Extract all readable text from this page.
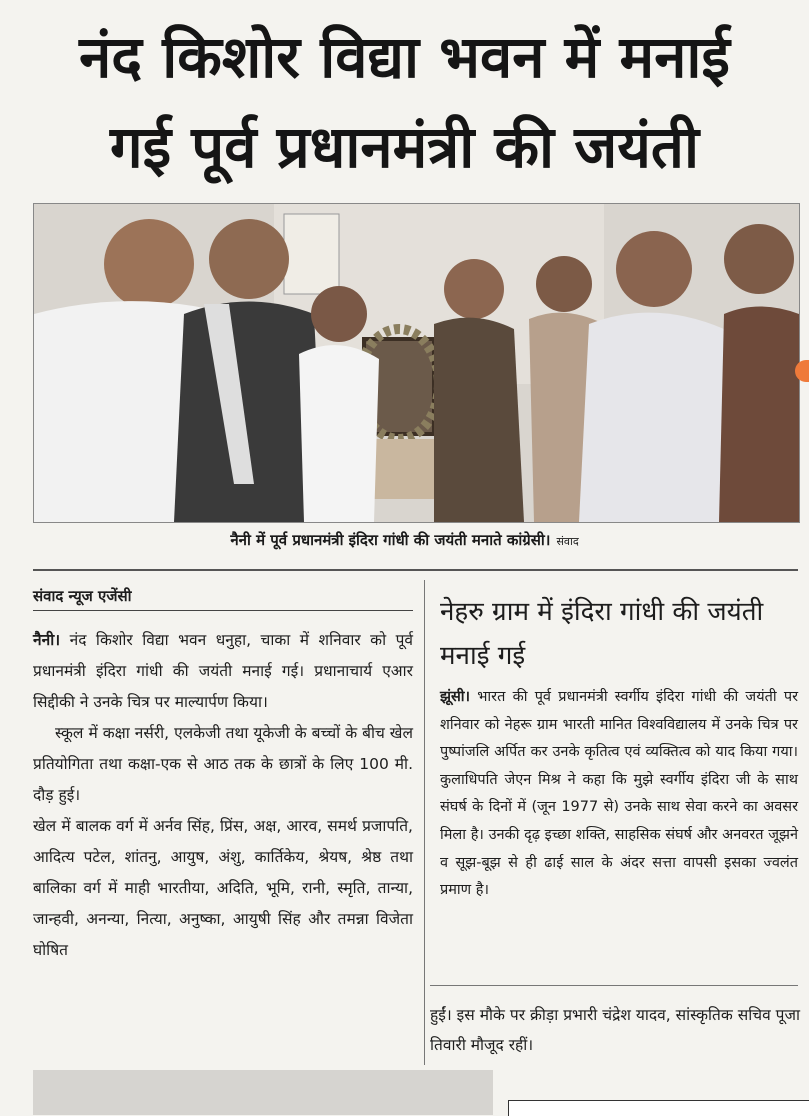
नंद किशोर विद्या भवन में मनाई
गई पूर्व प्रधानमंत्री की जयंती
नैनी में पूर्व प्रधानमंत्री इंदिरा गांधी की जयंती मनाते कांग्रेसी। संवाद
संवाद न्यूज एजेंसी

नैनी। नंद किशोर विद्या भवन धनुहा, चाका में शनिवार को पूर्व प्रधानमंत्री इंदिरा गांधी की जयंती मनाई गई। प्रधानाचार्य एआर सिद्दीकी ने उनके चित्र पर माल्यार्पण किया।

स्कूल में कक्षा नर्सरी, एलकेजी तथा यूकेजी के बच्चों के बीच खेल प्रतियोगिता तथा कक्षा-एक से आठ तक के छात्रों के लिए 100 मी. दौड़ हुई।

खेल में बालक वर्ग में अर्नव सिंह, प्रिंस, अक्ष, आरव, समर्थ प्रजापति, आदित्य पटेल, शांतनु, आयुष, अंशु, कार्तिकेय, श्रेयष, श्रेष्ठ तथा बालिका वर्ग में माही भारतीया, अदिति, भूमि, रानी, स्मृति, तान्या, जान्हवी, अनन्या, नित्या, अनुष्का, आयुषी सिंह और तमन्ना विजेता घोषित

नेहरु ग्राम में इंदिरा गांधी की जयंती मनाई गई

झूंसी। भारत की पूर्व प्रधानमंत्री स्वर्गीय इंदिरा गांधी की जयंती पर शनिवार को नेहरू ग्राम भारती मानित विश्वविद्यालय में उनके चित्र पर पुष्पांजलि अर्पित कर उनके कृतित्व एवं व्यक्तित्व को याद किया गया। कुलाधिपति जेएन मिश्र ने कहा कि मुझे स्वर्गीय इंदिरा जी के साथ संघर्ष के दिनों में (जून 1977 से) उनके साथ सेवा करने का अवसर मिला है। उनकी दृढ़ इच्छा शक्ति, साहसिक संघर्ष और अनवरत जूझने व सूझ-बूझ से ही ढाई साल के अंदर सत्ता वापसी इसका ज्वलंत प्रमाण है।

हुईं। इस मौके पर क्रीड़ा प्रभारी चंद्रेश यादव, सांस्कृतिक सचिव पूजा तिवारी मौजूद रहीं।
